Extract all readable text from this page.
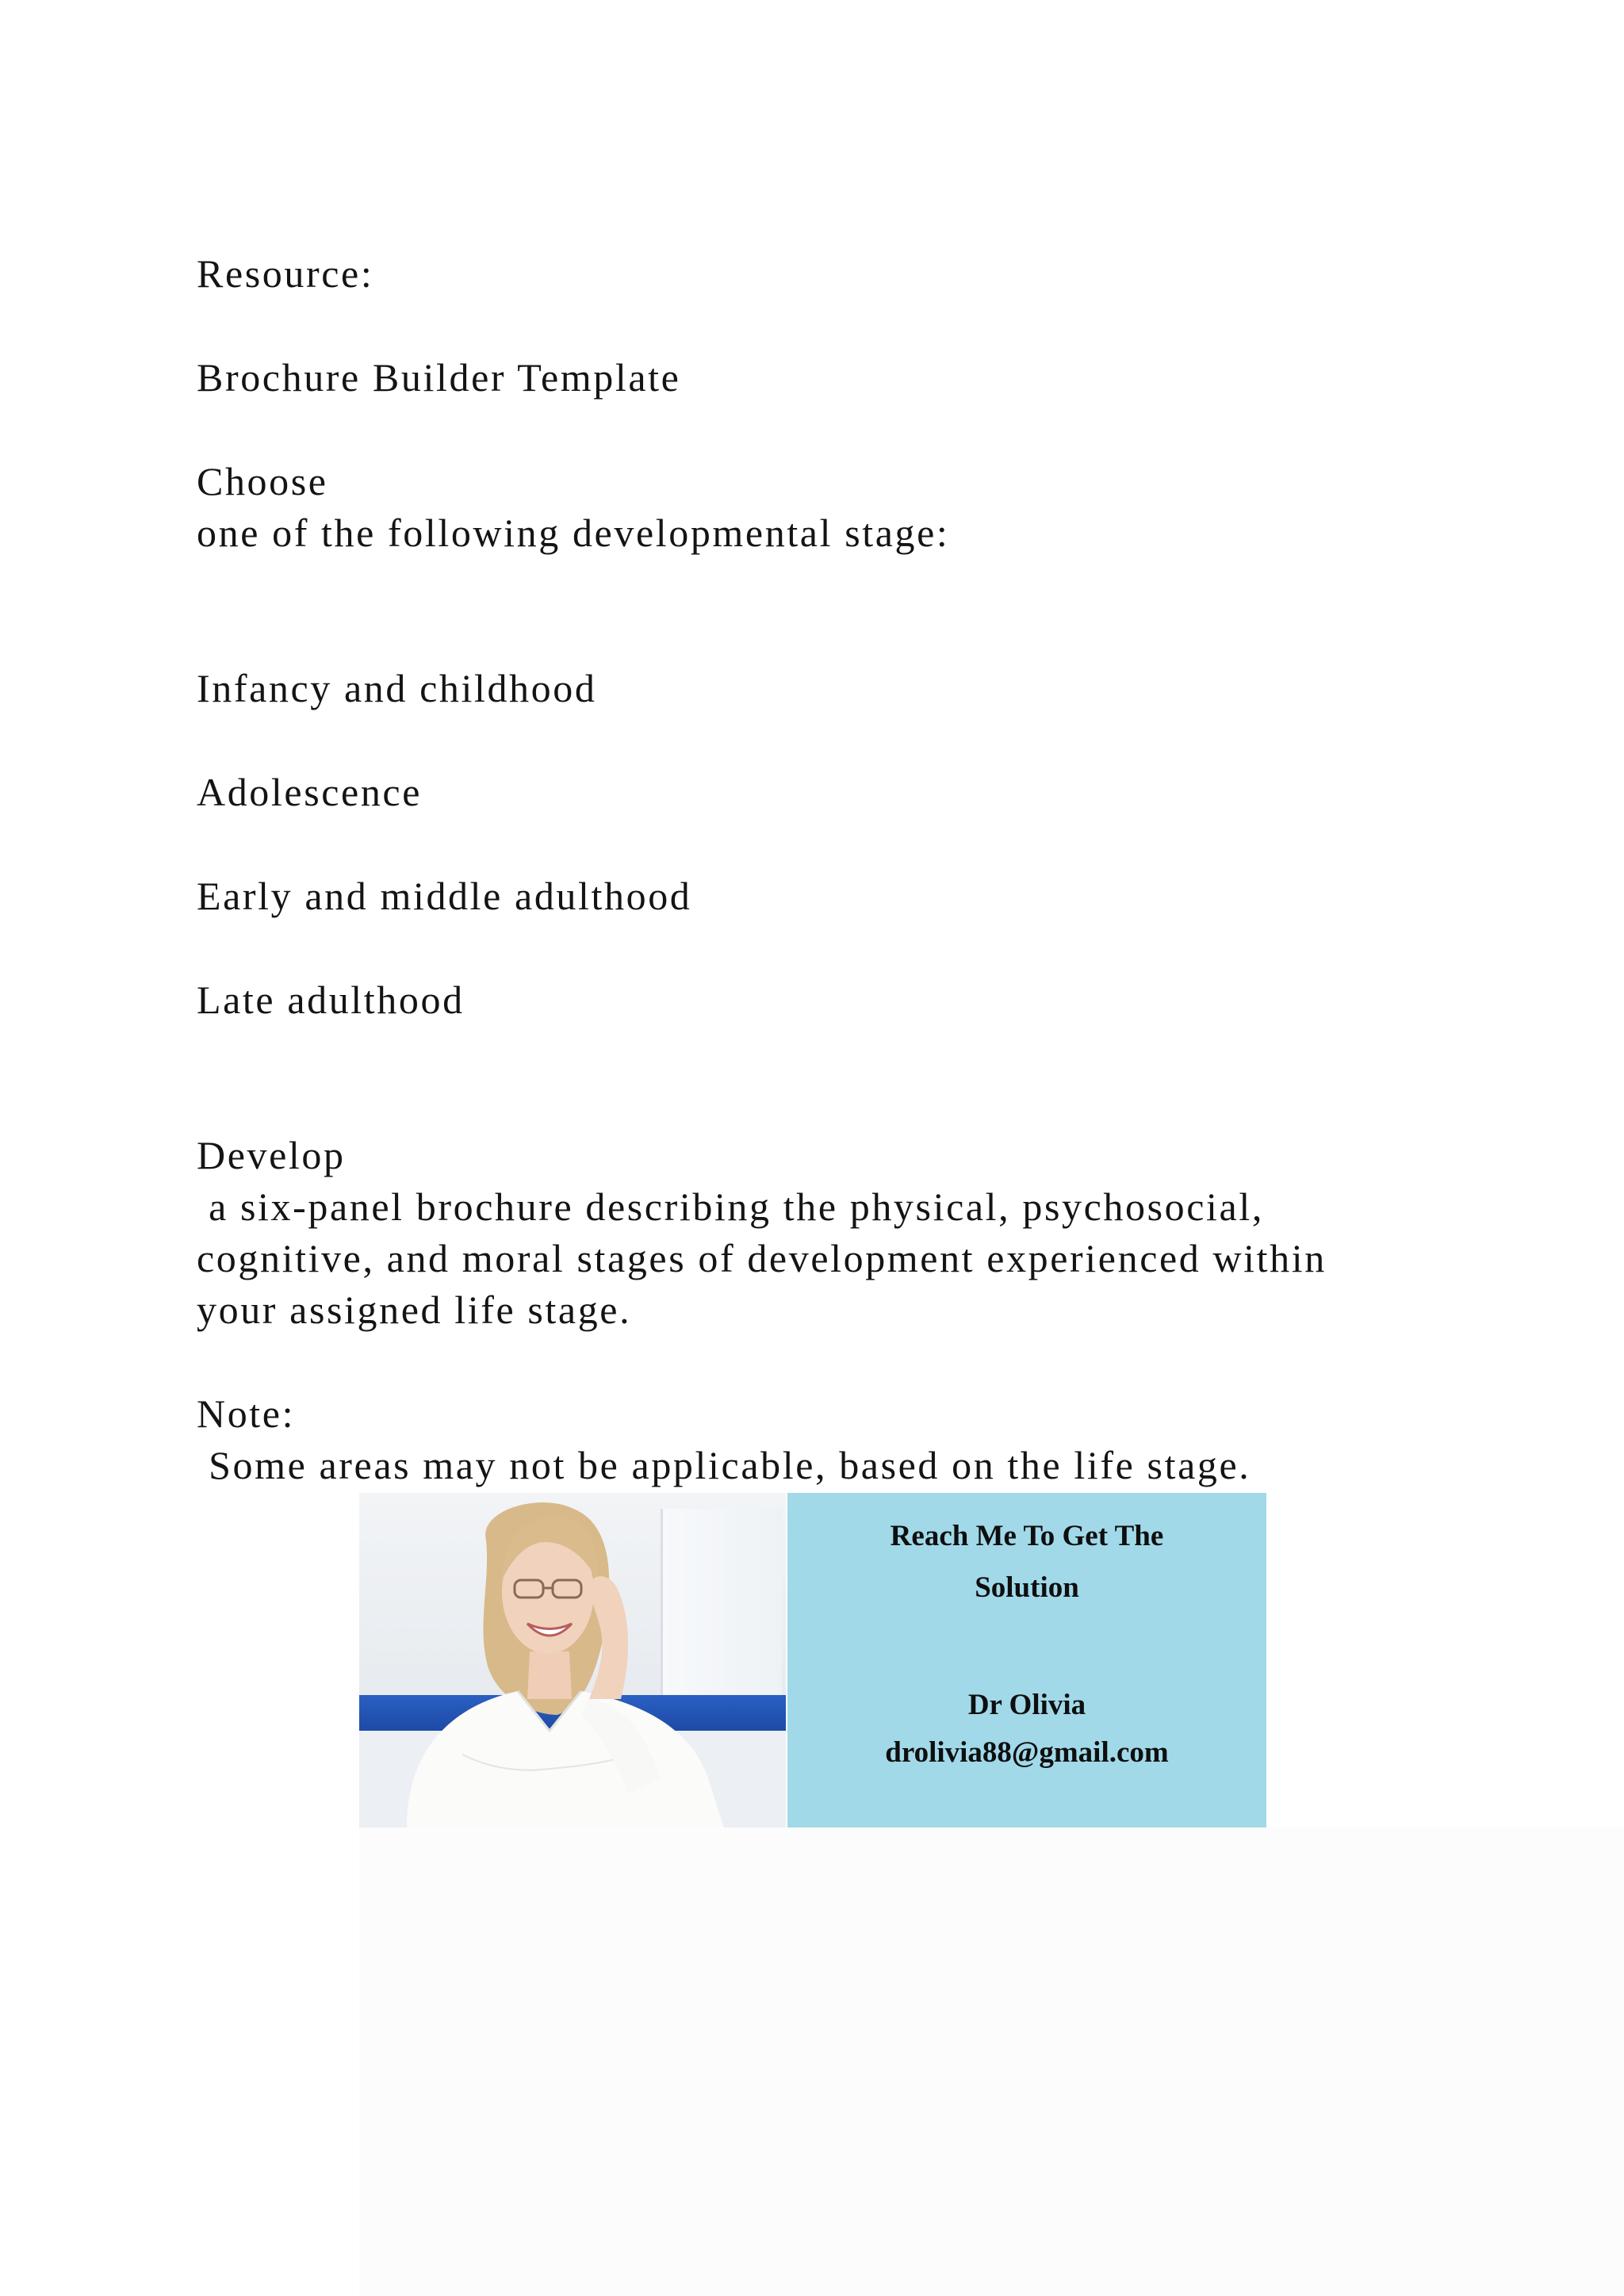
Resource:
Brochure Builder Template
Choose
one of the following developmental stage:
Infancy and childhood
Adolescence
Early and middle adulthood
Late adulthood
Develop
a six-panel brochure describing the physical, psychosocial,
cognitive, and moral stages of development experienced within
your assigned life stage.
Note:
Some areas may not be applicable, based on the life stage.
Reach Me To Get The
Solution
Dr Olivia
drolivia88@gmail.com
